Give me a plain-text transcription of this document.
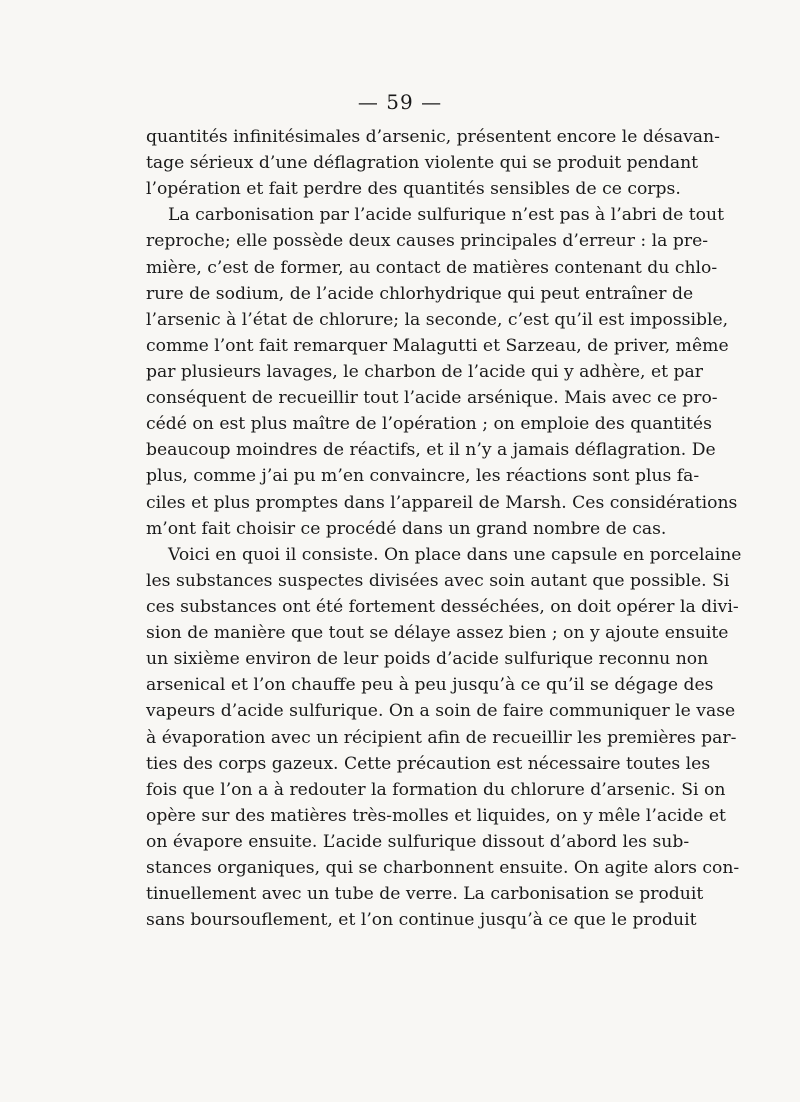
— 59 —
quantités infinitésimales d’arsenic, présentent encore le désavan-
tage sérieux d’une déflagration violente qui se produit pendant
l’opération et fait perdre des quantités sensibles de ce corps.
La carbonisation par l’acide sulfurique n’est pas à l’abri de tout
reproche; elle possède deux causes principales d’erreur : la pre-
mière, c’est de former, au contact de matières contenant du chlo-
rure de sodium, de l’acide chlorhydrique qui peut entraîner de
l’arsenic à l’état de chlorure; la seconde, c’est qu’il est impossible,
comme l’ont fait remarquer Malagutti et Sarzeau, de priver, même
par plusieurs lavages, le charbon de l’acide qui y adhère, et par
conséquent de recueillir tout l’acide arsénique. Mais avec ce pro-
cédé on est plus maître de l’opération ; on emploie des quantités
beaucoup moindres de réactifs, et il n’y a jamais déflagration. De
plus, comme j’ai pu m’en convaincre, les réactions sont plus fa-
ciles et plus promptes dans l’appareil de Marsh. Ces considérations
m’ont fait choisir ce procédé dans un grand nombre de cas.
Voici en quoi il consiste. On place dans une capsule en porcelaine
les substances suspectes divisées avec soin autant que possible. Si
ces substances ont été fortement desséchées, on doit opérer la divi-
sion de manière que tout se délaye assez bien ; on y ajoute ensuite
un sixième environ de leur poids d’acide sulfurique reconnu non
arsenical et l’on chauffe peu à peu jusqu’à ce qu’il se dégage des
vapeurs d’acide sulfurique. On a soin de faire communiquer le vase
à évaporation avec un récipient afin de recueillir les premières par-
ties des corps gazeux. Cette précaution est nécessaire toutes les
fois que l’on a à redouter la formation du chlorure d’arsenic. Si on
opère sur des matières très-molles et liquides, on y mêle l’acide et
on évapore ensuite. L’acide sulfurique dissout d’abord les sub-
stances organiques, qui se charbonnent ensuite. On agite alors con-
tinuellement avec un tube de verre. La carbonisation se produit
sans boursouflement, et l’on continue jusqu’à ce que le produit
